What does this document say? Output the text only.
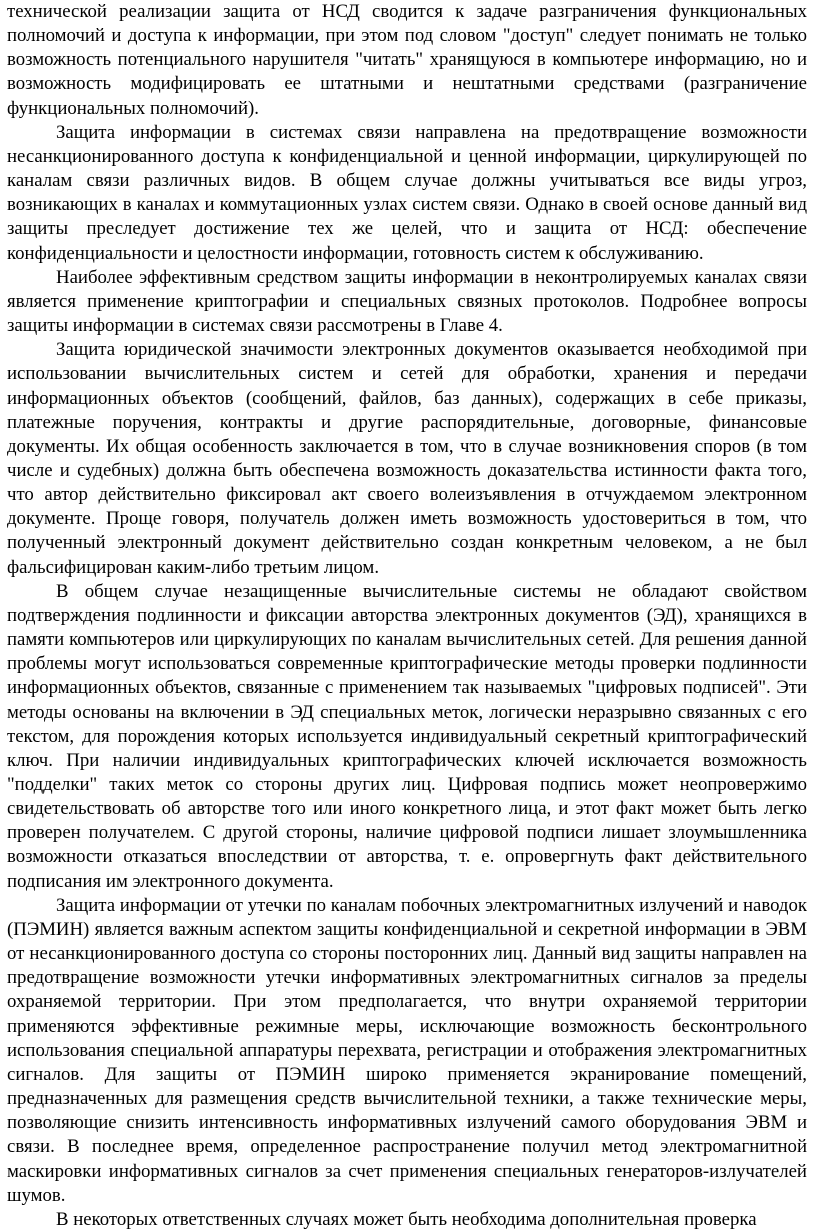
технической реализации защита от НСД сводится к задаче разграничения функциональных полномочий и доступа к информации, при этом под словом "доступ" следует понимать не только возможность потенциального нарушителя "читать" хранящуюся в компьютере информацию, но и возможность модифицировать ее штатными и нештатными средствами (разграничение функциональных полномочий).

Защита информации в системах связи направлена на предотвращение возможности несанкционированного доступа к конфиденциальной и ценной информации, циркулирующей по каналам связи различных видов. В общем случае должны учитываться все виды угроз, возникающих в каналах и коммутационных узлах систем связи. Однако в своей основе данный вид защиты преследует достижение тех же целей, что и защита от НСД: обеспечение конфиденциальности и целостности информации, готовность систем к обслуживанию.

Наиболее эффективным средством защиты информации в неконтролируемых каналах связи является применение криптографии и специальных связных протоколов. Подробнее вопросы защиты информации в системах связи рассмотрены в Главе 4.

Защита юридической значимости электронных документов оказывается необходимой при использовании вычислительных систем и сетей для обработки, хранения и передачи информационных объектов (сообщений, файлов, баз данных), содержащих в себе приказы, платежные поручения, контракты и другие распорядительные, договорные, финансовые документы. Их общая особенность заключается в том, что в случае возникновения споров (в том числе и судебных) должна быть обеспечена возможность доказательства истинности факта того, что автор действительно фиксировал акт своего волеизъявления в отчуждаемом электронном документе. Проще говоря, получатель должен иметь возможность удостовериться в том, что полученный электронный документ действительно создан конкретным человеком, а не был фальсифицирован каким-либо третьим лицом.

В общем случае незащищенные вычислительные системы не обладают свойством подтверждения подлинности и фиксации авторства электронных документов (ЭД), хранящихся в памяти компьютеров или циркулирующих по каналам вычислительных сетей. Для решения данной проблемы могут использоваться современные криптографические методы проверки подлинности информационных объектов, связанные с применением так называемых "цифровых подписей". Эти методы основаны на включении в ЭД специальных меток, логически неразрывно связанных с его текстом, для порождения которых используется индивидуальный секретный криптографический ключ. При наличии индивидуальных криптографических ключей исключается возможность "подделки" таких меток со стороны других лиц. Цифровая подпись может неопровержимо свидетельствовать об авторстве того или иного конкретного лица, и этот факт может быть легко проверен получателем. С другой стороны, наличие цифровой подписи лишает злоумышленника возможности отказаться впоследствии от авторства, т. е. опровергнуть факт действительного подписания им электронного документа.

Защита информации от утечки по каналам побочных электромагнитных излучений и наводок (ПЭМИН) является важным аспектом защиты конфиденциальной и секретной информации в ЭВМ от несанкционированного доступа со стороны посторонних лиц. Данный вид защиты направлен на предотвращение возможности утечки информативных электромагнитных сигналов за пределы охраняемой территории. При этом предполагается, что внутри охраняемой территории применяются эффективные режимные меры, исключающие возможность бесконтрольного использования специальной аппаратуры перехвата, регистрации и отображения электромагнитных сигналов. Для защиты от ПЭМИН широко применяется экранирование помещений, предназначенных для размещения средств вычислительной техники, а также технические меры, позволяющие снизить интенсивность информативных излучений самого оборудования ЭВМ и связи. В последнее время, определенное распространение получил метод электромагнитной маскировки информативных сигналов за счет применения специальных генераторов-излучателей шумов.

В некоторых ответственных случаях может быть необходима дополнительная проверка
